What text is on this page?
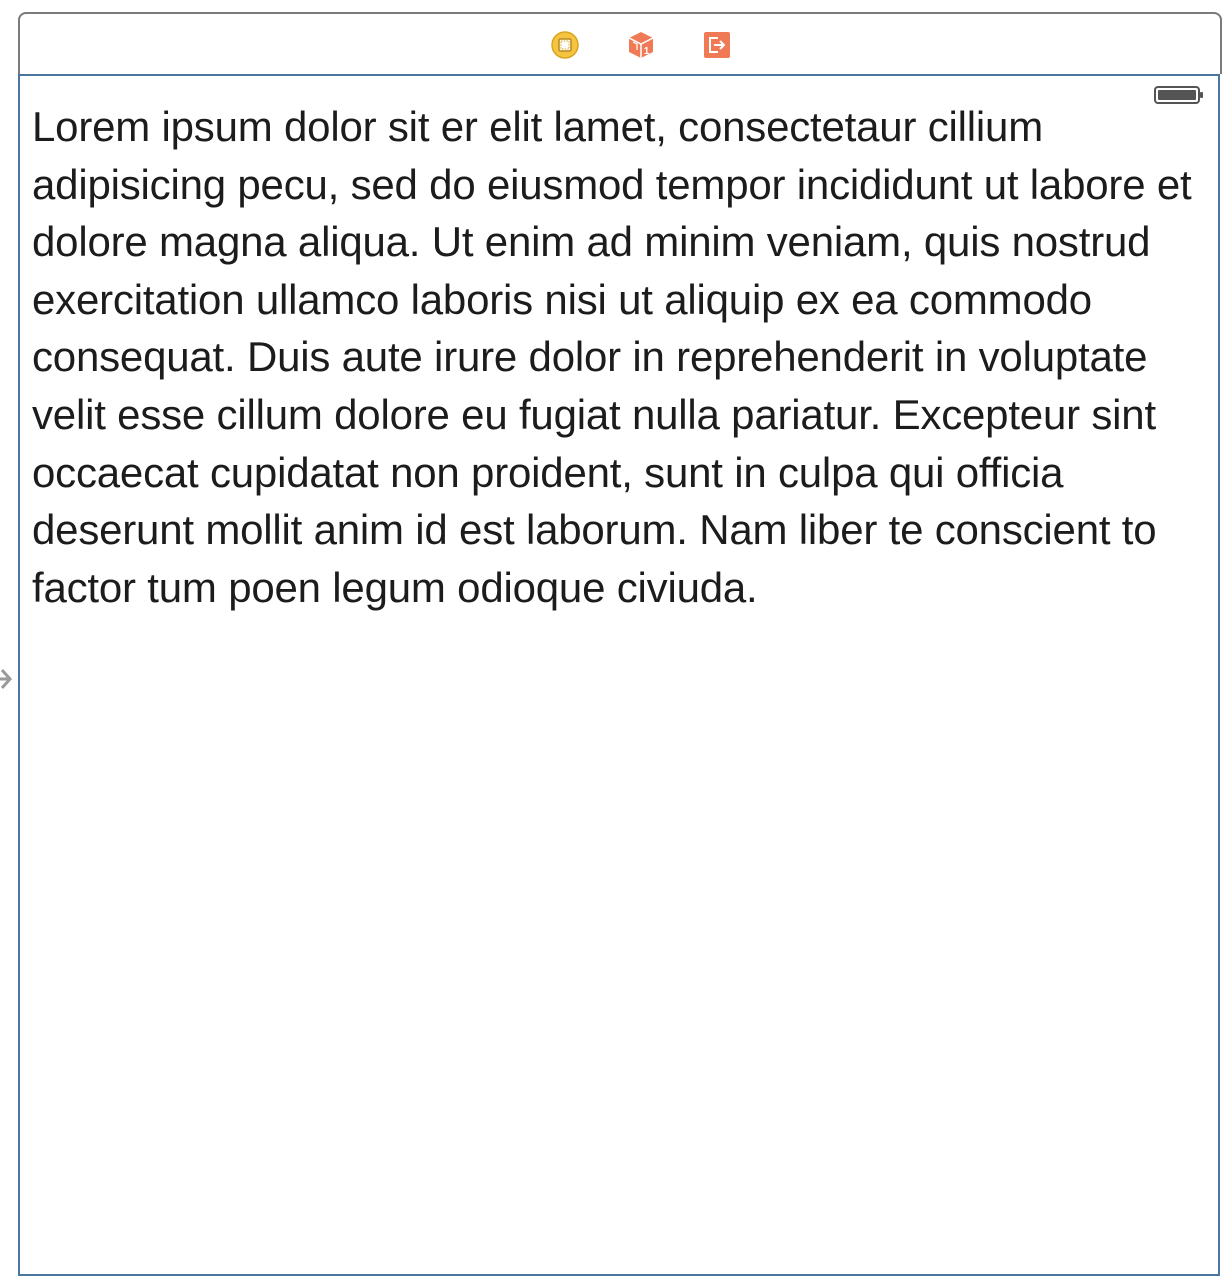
1

Lorem ipsum dolor sit er elit lamet, consectetaur cillium adipisicing pecu, sed do eiusmod tempor incididunt ut labore et dolore magna aliqua. Ut enim ad minim veniam, quis nostrud exercitation ullamco laboris nisi ut aliquip ex ea commodo consequat. Duis aute irure dolor in reprehenderit in voluptate velit esse cillum dolore eu fugiat nulla pariatur. Excepteur sint occaecat cupidatat non proident, sunt in culpa qui officia deserunt mollit anim id est laborum. Nam liber te conscient to factor tum poen legum odioque civiuda.
